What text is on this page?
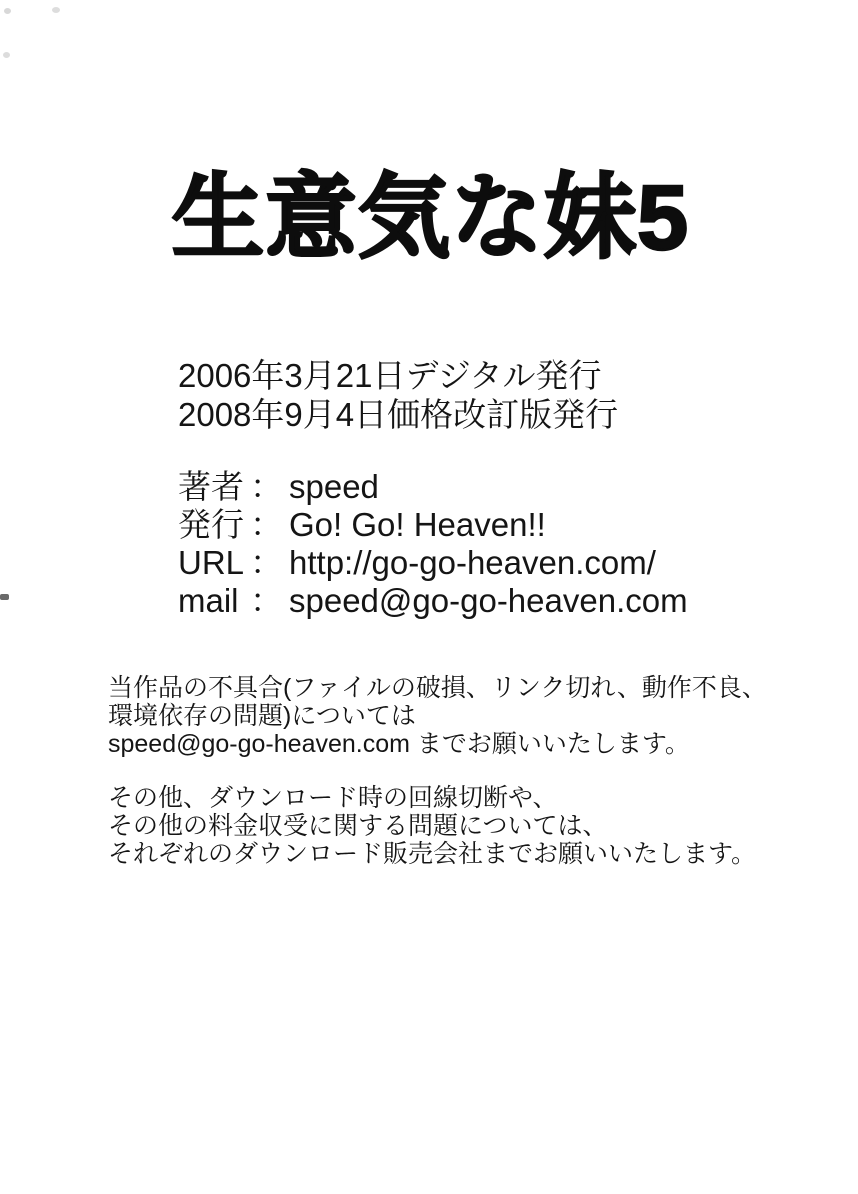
生意気な妹5
2006年3月21日デジタル発行
2008年9月4日価格改訂版発行
著者 ： speed
発行 ： Go! Go! Heaven!!
URL ： http://go-go-heaven.com/
mail ： speed@go-go-heaven.com
当作品の不具合(ファイルの破損、リンク切れ、動作不良、
環境依存の問題)については
speed@go-go-heaven.com までお願いいたします。
その他、ダウンロード時の回線切断や、
その他の料金収受に関する問題については、
それぞれのダウンロード販売会社までお願いいたします。
